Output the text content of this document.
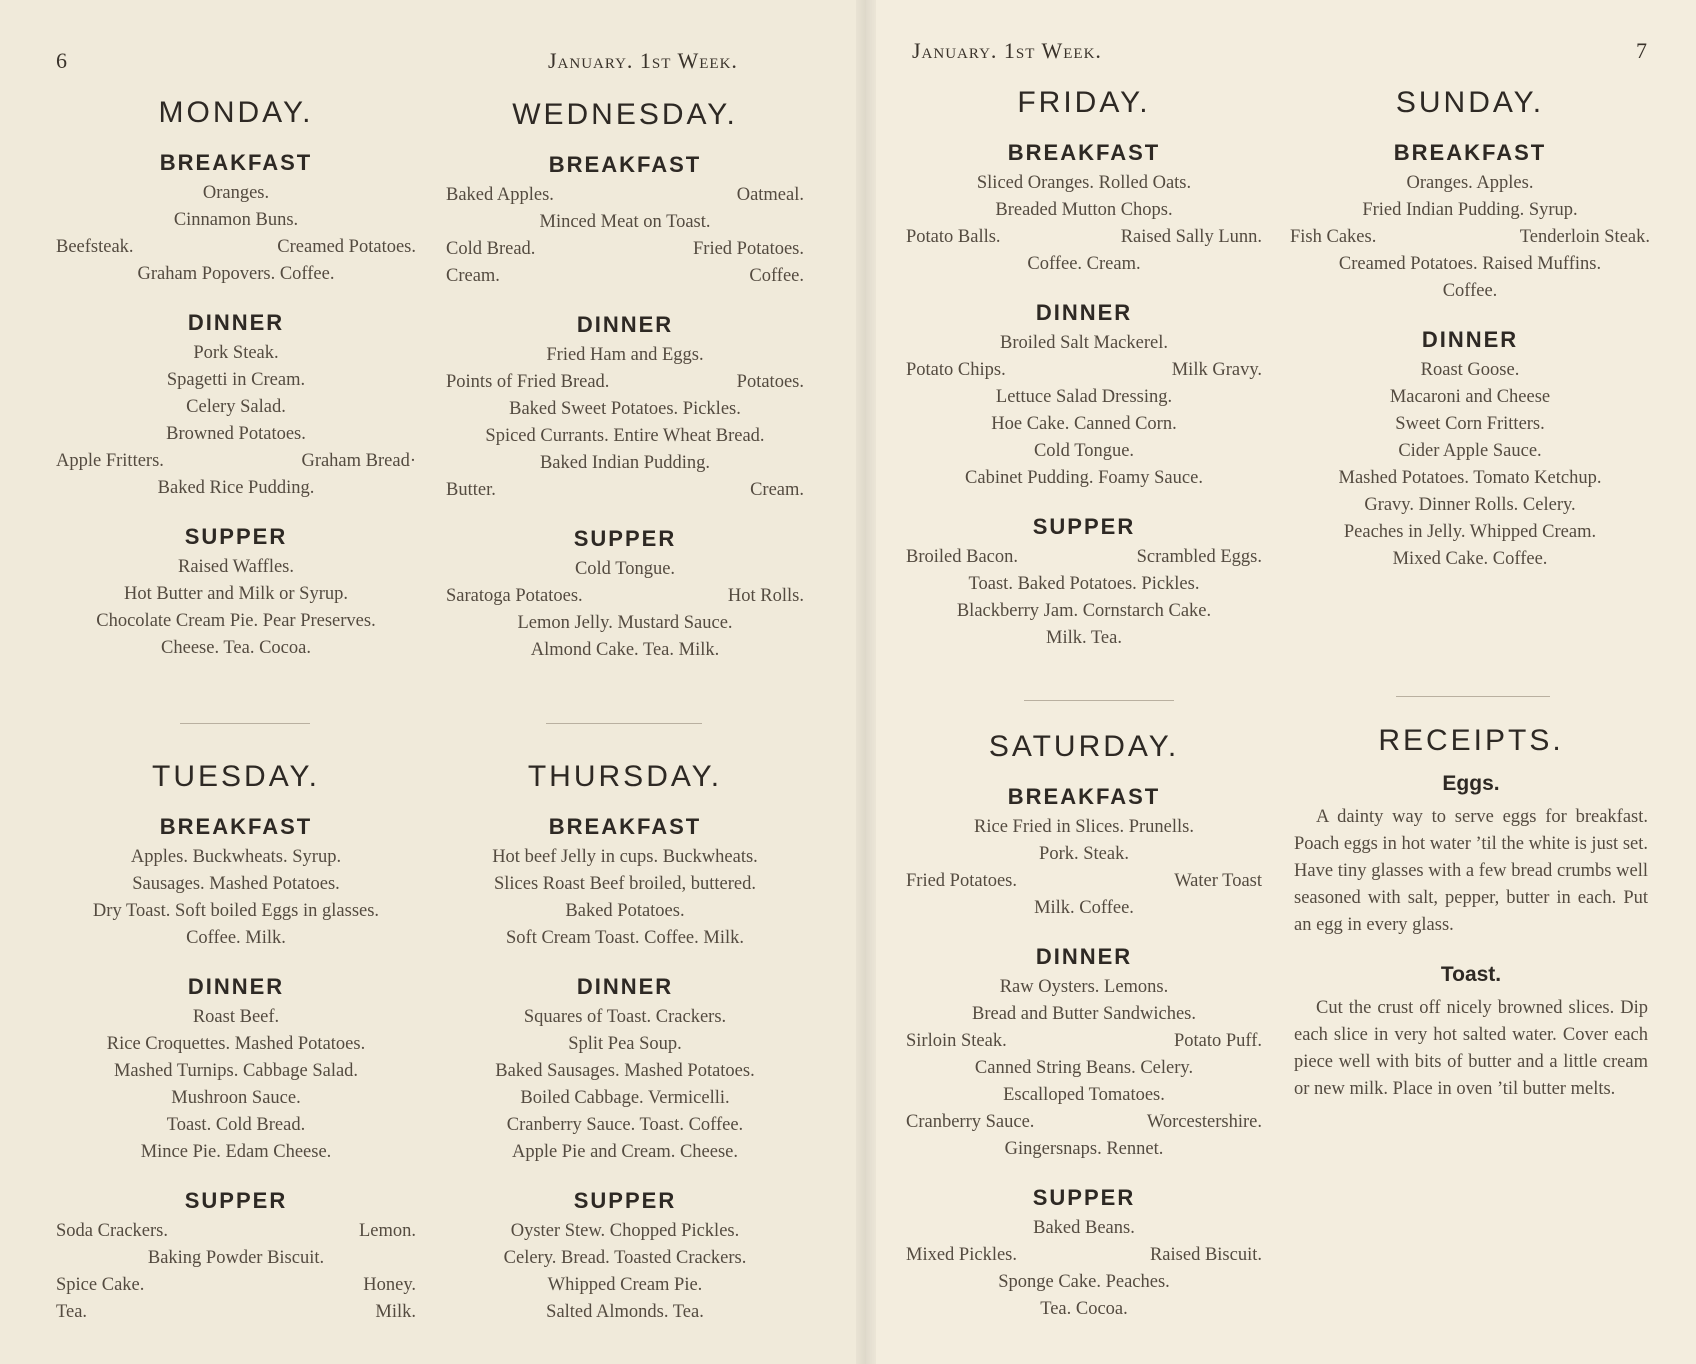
6	January. 1st Week.	January. 1st Week.	7
MONDAY.
BREAKFAST
Oranges.
Cinnamon Buns.
Beefsteak.	Creamed Potatoes.
Graham Popovers. Coffee.
DINNER
Pork Steak.
Spagetti in Cream.
Celery Salad.
Browned Potatoes.
Apple Fritters.	Graham Bread·
Baked Rice Pudding.
SUPPER
Raised Waffles.
Hot Butter and Milk or Syrup.
Chocolate Cream Pie. Pear Preserves.
Cheese. Tea. Cocoa.
TUESDAY.
BREAKFAST
Apples. Buckwheats. Syrup.
Sausages. Mashed Potatoes.
Dry Toast. Soft boiled Eggs in glasses.
Coffee. Milk.
DINNER
Roast Beef.
Rice Croquettes. Mashed Potatoes.
Mashed Turnips. Cabbage Salad.
Mushroon Sauce.
Toast. Cold Bread.
Mince Pie. Edam Cheese.
SUPPER
Soda Crackers.	Lemon.
Baking Powder Biscuit.
Spice Cake.	Honey.
Tea.	Milk.
WEDNESDAY.
BREAKFAST
Baked Apples.	Oatmeal.
Minced Meat on Toast.
Cold Bread.	Fried Potatoes.
Cream.	Coffee.
DINNER
Fried Ham and Eggs.
Points of Fried Bread.	Potatoes.
Baked Sweet Potatoes. Pickles.
Spiced Currants. Entire Wheat Bread.
Baked Indian Pudding.
Butter.	Cream.
SUPPER
Cold Tongue.
Saratoga Potatoes.	Hot Rolls.
Lemon Jelly. Mustard Sauce.
Almond Cake. Tea. Milk.
THURSDAY.
BREAKFAST
Hot beef Jelly in cups. Buckwheats.
Slices Roast Beef broiled, buttered.
Baked Potatoes.
Soft Cream Toast. Coffee. Milk.
DINNER
Squares of Toast. Crackers.
Split Pea Soup.
Baked Sausages. Mashed Potatoes.
Boiled Cabbage. Vermicelli.
Cranberry Sauce. Toast. Coffee.
Apple Pie and Cream. Cheese.
SUPPER
Oyster Stew. Chopped Pickles.
Celery. Bread. Toasted Crackers.
Whipped Cream Pie.
Salted Almonds. Tea.
FRIDAY.
BREAKFAST
Sliced Oranges. Rolled Oats.
Breaded Mutton Chops.
Potato Balls.	Raised Sally Lunn.
Coffee. Cream.
DINNER
Broiled Salt Mackerel.
Potato Chips.	Milk Gravy.
Lettuce Salad Dressing.
Hoe Cake. Canned Corn.
Cold Tongue.
Cabinet Pudding. Foamy Sauce.
SUPPER
Broiled Bacon.	Scrambled Eggs.
Toast. Baked Potatoes. Pickles.
Blackberry Jam. Cornstarch Cake.
Milk. Tea.
SATURDAY.
BREAKFAST
Rice Fried in Slices. Prunells.
Pork. Steak.
Fried Potatoes.	Water Toast
Milk. Coffee.
DINNER
Raw Oysters. Lemons.
Bread and Butter Sandwiches.
Sirloin Steak.	Potato Puff.
Canned String Beans. Celery.
Escalloped Tomatoes.
Cranberry Sauce.	Worcestershire.
Gingersnaps. Rennet.
SUPPER
Baked Beans.
Mixed Pickles.	Raised Biscuit.
Sponge Cake. Peaches.
Tea. Cocoa.
SUNDAY.
BREAKFAST
Oranges. Apples.
Fried Indian Pudding. Syrup.
Fish Cakes.	Tenderloin Steak.
Creamed Potatoes. Raised Muffins.
Coffee.
DINNER
Roast Goose.
Macaroni and Cheese
Sweet Corn Fritters.
Cider Apple Sauce.
Mashed Potatoes. Tomato Ketchup.
Gravy. Dinner Rolls. Celery.
Peaches in Jelly. Whipped Cream.
Mixed Cake. Coffee.
RECEIPTS.
Eggs.
A dainty way to serve eggs for breakfast. Poach eggs in hot water ’til the white is just set. Have tiny glasses with a few bread crumbs well seasoned with salt, pepper, butter in each. Put an egg in every glass.
Toast.
Cut the crust off nicely browned slices. Dip each slice in very hot salted water. Cover each piece well with bits of butter and a little cream or new milk. Place in oven ’til butter melts.
